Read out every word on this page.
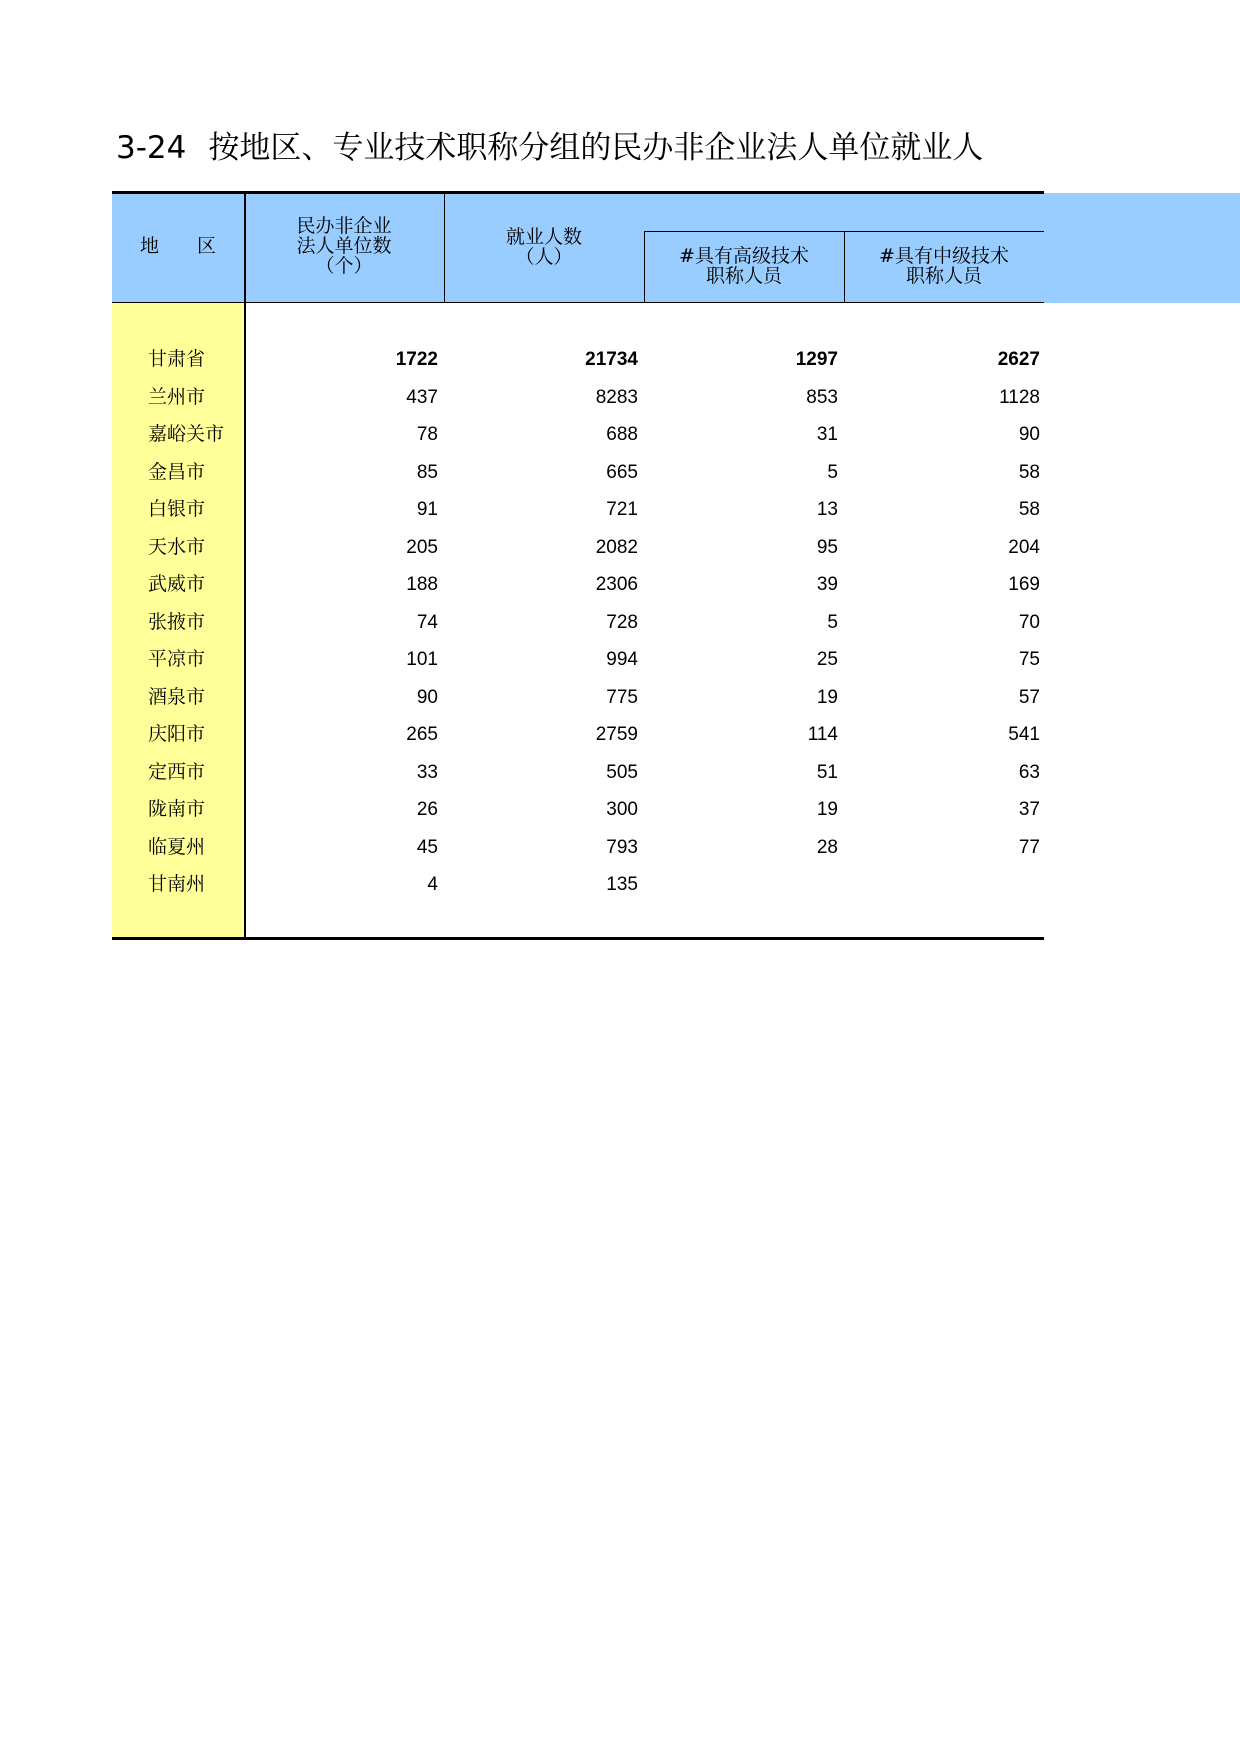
3-24 按地区、专业技术职称分组的民办非企业法人单位就业人
地　　区
民办非企业
法人单位数
（个）
就业人数
（人）	#具有高级技术
职称人员
#具有中级技术
职称人员
甘肃省	1722	21734	1297	2627
兰州市	437	8283	853	1128
嘉峪关市	78	688	31	90
金昌市	85	665	5	58
白银市	91	721	13	58
天水市	205	2082	95	204
武威市	188	2306	39	169
张掖市	74	728	5	70
平凉市	101	994	25	75
酒泉市	90	775	19	57
庆阳市	265	2759	114	541
定西市	33	505	51	63
陇南市	26	300	19	37
临夏州	45	793	28	77
甘南州	4	135
